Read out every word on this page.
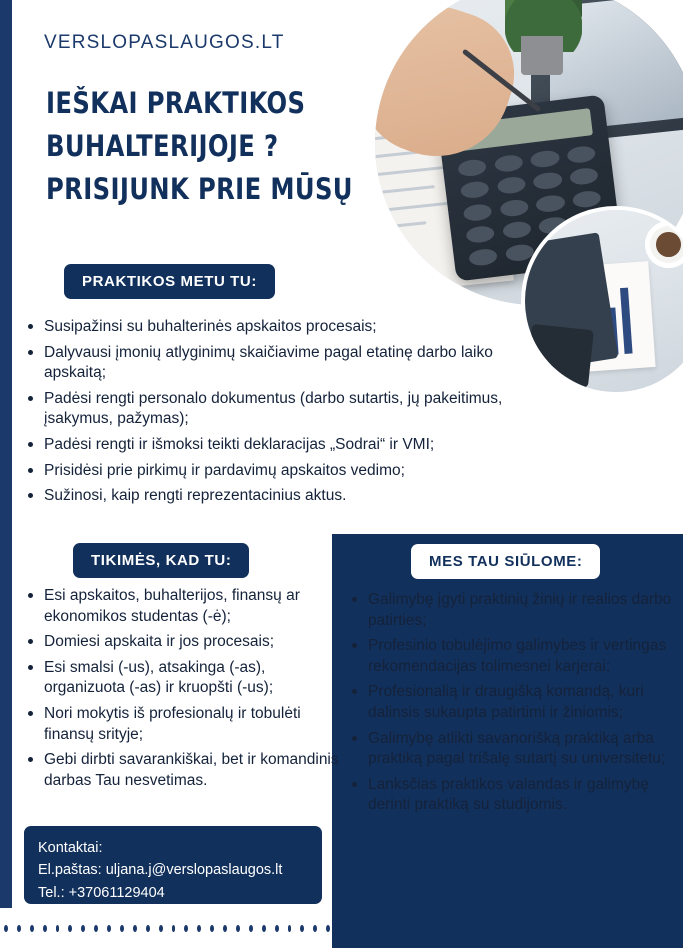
VERSLOPASLAUGOS.LT
IEŠKAI PRAKTIKOS
BUHALTERIJOJE ?
PRISIJUNK PRIE MŪSŲ
PRAKTIKOS METU TU:
Susipažinsi su buhalterinės apskaitos procesais;
Dalyvausi įmonių atlyginimų skaičiavime pagal etatinę darbo laiko apskaitą;
Padėsi rengti personalo dokumentus (darbo sutartis, jų pakeitimus, įsakymus, pažymas);
Padėsi rengti ir išmoksi teikti deklaracijas „Sodrai“ ir VMI;
Prisidėsi prie pirkimų ir pardavimų apskaitos vedimo;
Sužinosi, kaip rengti reprezentacinius aktus.
TIKIMĖS, KAD TU:	MES TAU SIŪLOME:
Esi apskaitos, buhalterijos, finansų ar ekonomikos studentas (-ė);
Domiesi apskaita ir jos procesais;
Esi smalsi (-us), atsakinga (-as), organizuota (-as) ir kruopšti (-us);
Nori mokytis iš profesionalų ir tobulėti finansų srityje;
Gebi dirbti savarankiškai, bet ir komandinis darbas Tau nesvetimas.
Galimybę įgyti praktinių žinių ir realios darbo patirties;
Profesinio tobulėjimo galimybes ir vertingas rekomendacijas tolimesnei karjerai;
Profesionalią ir draugišką komandą, kuri dalinsis sukaupta patirtimi ir žiniomis;
Galimybę atlikti savanorišką praktiką arba praktiką pagal trišalę sutartį su universitetu;
Lanksčias praktikos valandas ir galimybę derinti praktiką su studijomis.
Kontaktai:
El.paštas: uljana.j@verslopaslaugos.lt
Tel.: +37061129404
